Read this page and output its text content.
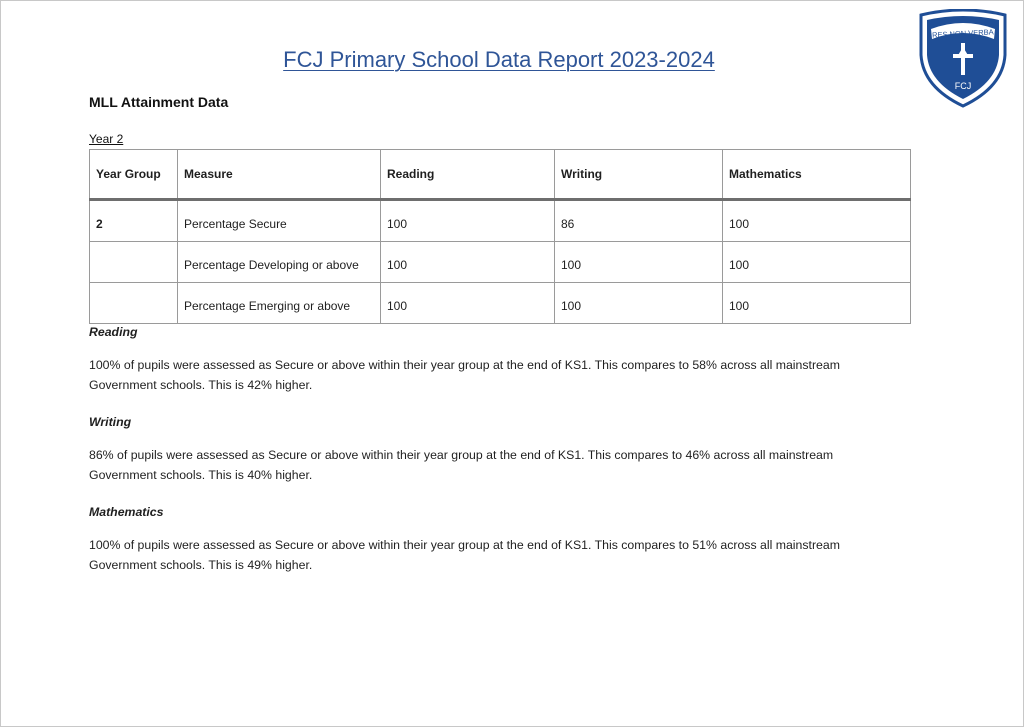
FCJ Primary School Data Report 2023-2024
RES NON VERBA
FCJ
MLL Attainment Data
Year 2
Year Group	Measure	Reading	Writing	Mathematics
2	Percentage Secure	100	86	100
	Percentage Developing or above	100	100	100
	Percentage Emerging or above	100	100	100
Reading

100% of pupils were assessed as Secure or above within their year group at the end of KS1. This compares to 58% across all mainstream
Government schools. This is 42% higher.

Writing

86% of pupils were assessed as Secure or above within their year group at the end of KS1. This compares to 46% across all mainstream
Government schools. This is 40% higher.

Mathematics

100% of pupils were assessed as Secure or above within their year group at the end of KS1. This compares to 51% across all mainstream
Government schools. This is 49% higher.
